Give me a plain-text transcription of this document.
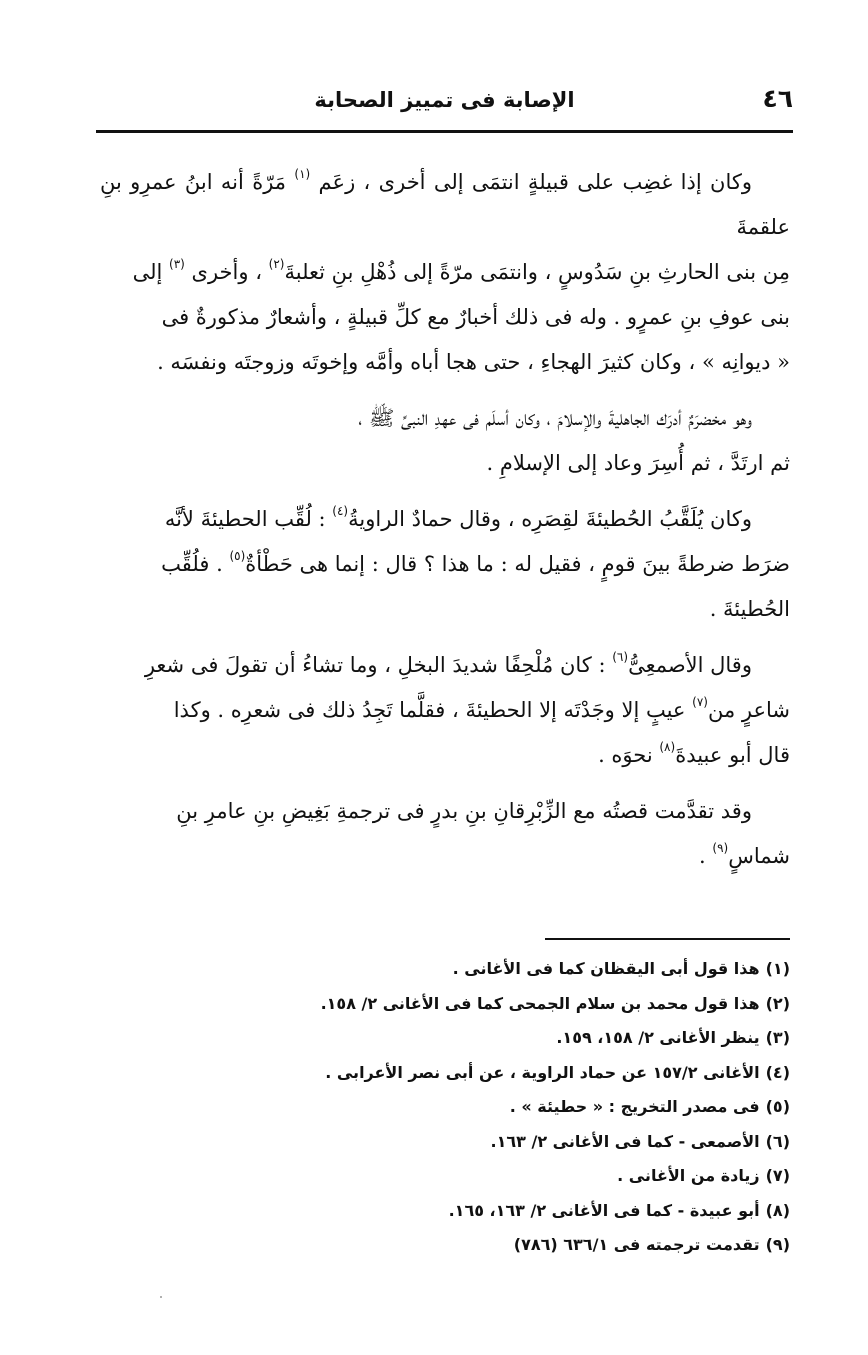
٤٦
الإصابة فى تمييز الصحابة

وكان إذا غضِب على قبيلةٍ انتمَى إلى أخرى ، زعَم $^{(١)}$ مَرّةً أنه ابنُ عمرِو بنِ علقمةَ
مِن بنى الحارثِ بنِ سَدُوسٍ ، وانتمَى مرّةً إلى ذُهْلِ بنِ ثعلبةَ$^{(٢)}$ ، وأخرى $^{(٣)}$ إلى
بنى عوفِ بنِ عمرٍو . وله فى ذلك أخبارٌ مع كلِّ قبيلةٍ ، وأشعارٌ مذكورةٌ فى
« ديوانِه » ، وكان كثيرَ الهجاءِ ، حتى هجا أباه وأمَّه وإخوتَه وزوجتَه ونفسَه .

وهو مخضرَمٌ أدرَك الجاهليةَ والإسلامَ ، وكان أسلَم فى عهدِ النبىِّ ﷺ ،
ثم ارتَدَّ ، ثم أُسِرَ وعاد إلى الإسلامِ .

وكان يُلَقَّبُ الحُطيئةَ لقِصَرِه ، وقال حمادٌ الراويةُ$^{(٤)}$ : لُقِّب الحطيئةَ لأنَّه
ضرَط ضرطةً بينَ قومٍ ، فقيل له : ما هذا ؟ قال : إنما هى حَطْأةٌ$^{(٥)}$ . فلُقِّب
الحُطيئةَ .

وقال الأصمعِىُّ$^{(٦)}$ : كان مُلْحِفًا شديدَ البخلِ ، وما تشاءُ أن تقولَ فى شعرِ
شاعرٍ من$^{(٧)}$ عيبٍ إلا وجَدْتَه إلا الحطيئةَ ، فقلَّما تَجِدُ ذلك فى شعرِه . وكذا
قال أبو عبيدةَ$^{(٨)}$ نحوَه .

وقد تقدَّمت قصتُه مع الزِّبْرِقانِ بنِ بدرٍ فى ترجمةِ بَغِيضِ بنِ عامرِ بنِ
شماسٍ$^{(٩)}$ .

(١)هذا قول أبى اليقظان كما فى الأغانى .
(٢)هذا قول محمد بن سلام الجمحى كما فى الأغانى ٢/ ١٥٨.
(٣)ينظر الأغانى ٢/ ١٥٨، ١٥٩.
(٤)الأغانى ١٥٧/٢ عن حماد الراوية ، عن أبى نصر الأعرابى .
(٥)فى مصدر التخريج : « حطيئة » .
(٦)الأصمعى - كما فى الأغانى ٢/ ١٦٣.
(٧)زيادة من الأغانى .
(٨)أبو عبيدة - كما فى الأغانى ٢/ ١٦٣، ١٦٥.
(٩)تقدمت ترجمته فى ٦٣٦/١ (٧٨٦)
